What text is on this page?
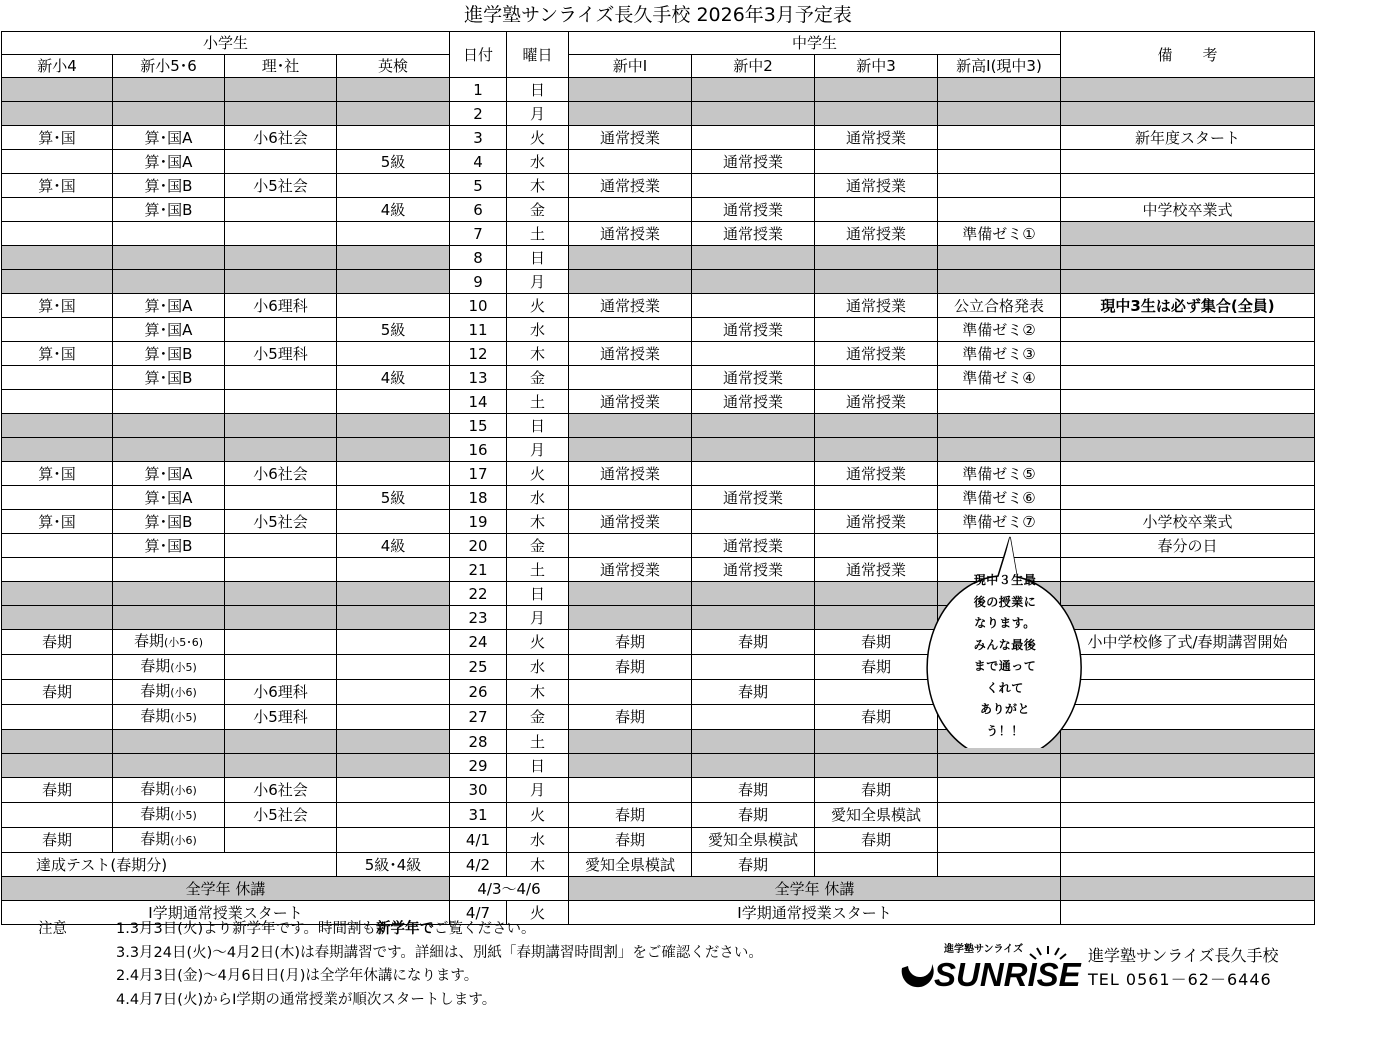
進学塾サンライズ長久手校 2026年3月予定表
小学生				日付	曜日	中学生				備　　考
新小4	新小5･6	理･社	英検			新中Ⅰ	新中2	新中3	新高Ⅰ(現中3)	
				1	日					
				2	月					
算･国	算･国A	小6社会		3	火	通常授業		通常授業		新年度スタート
	算･国A		5級	4	水		通常授業			
算･国	算･国B	小5社会		5	木	通常授業		通常授業		
	算･国B		4級	6	金		通常授業			中学校卒業式
				7	土	通常授業	通常授業	通常授業	準備ゼミ①	
				8	日					
				9	月					
算･国	算･国A	小6理科		10	火	通常授業		通常授業	公立合格発表	現中3生は必ず集合(全員)
	算･国A		5級	11	水		通常授業		準備ゼミ②	
算･国	算･国B	小5理科		12	木	通常授業		通常授業	準備ゼミ③	
	算･国B		4級	13	金		通常授業		準備ゼミ④	
				14	土	通常授業	通常授業	通常授業		
				15	日					
				16	月					
算･国	算･国A	小6社会		17	火	通常授業		通常授業	準備ゼミ⑤	
	算･国A		5級	18	水		通常授業		準備ゼミ⑥	
算･国	算･国B	小5社会		19	木	通常授業		通常授業	準備ゼミ⑦	小学校卒業式
	算･国B		4級	20	金		通常授業			春分の日
				21	土	通常授業	通常授業	通常授業		
				22	日					
				23	月					
春期	春期(小5･6)			24	火	春期	春期	春期		小中学校修了式/春期講習開始
	春期(小5)			25	水	春期		春期		
春期	春期(小6)	小6理科		26	木		春期			
	春期(小5)	小5理科		27	金	春期		春期		
				28	土					
				29	日					
春期	春期(小6)	小6社会		30	月		春期	春期		
	春期(小5)	小5社会		31	火	春期	春期	愛知全県模試		
春期	春期(小6)			4/1	水	春期	愛知全県模試	春期		
達成テスト(春期分)			5級･4級	4/2	木	愛知全県模試	春期			
全学年 休講				4/3～4/6		全学年 休講				
Ⅰ学期通常授業スタート				4/7	火	Ⅰ学期通常授業スタート				
現中３生最
後の授業に
なります。
みんな最後
まで通って
くれて
ありがと
う！！
注意	1.3月3日(火)より新学年です。時間割も新学年でご覧ください。
3.3月24日(火)～4月2日(木)は春期講習です。詳細は、別紙「春期講習時間割」をご確認ください。
2.4月3日(金)～4月6日日(月)は全学年休講になります。
4.4月7日(火)からⅠ学期の通常授業が順次スタートします。
進学塾サンライズ
SUNRISE
進学塾サンライズ長久手校
TEL 0561－62－6446
